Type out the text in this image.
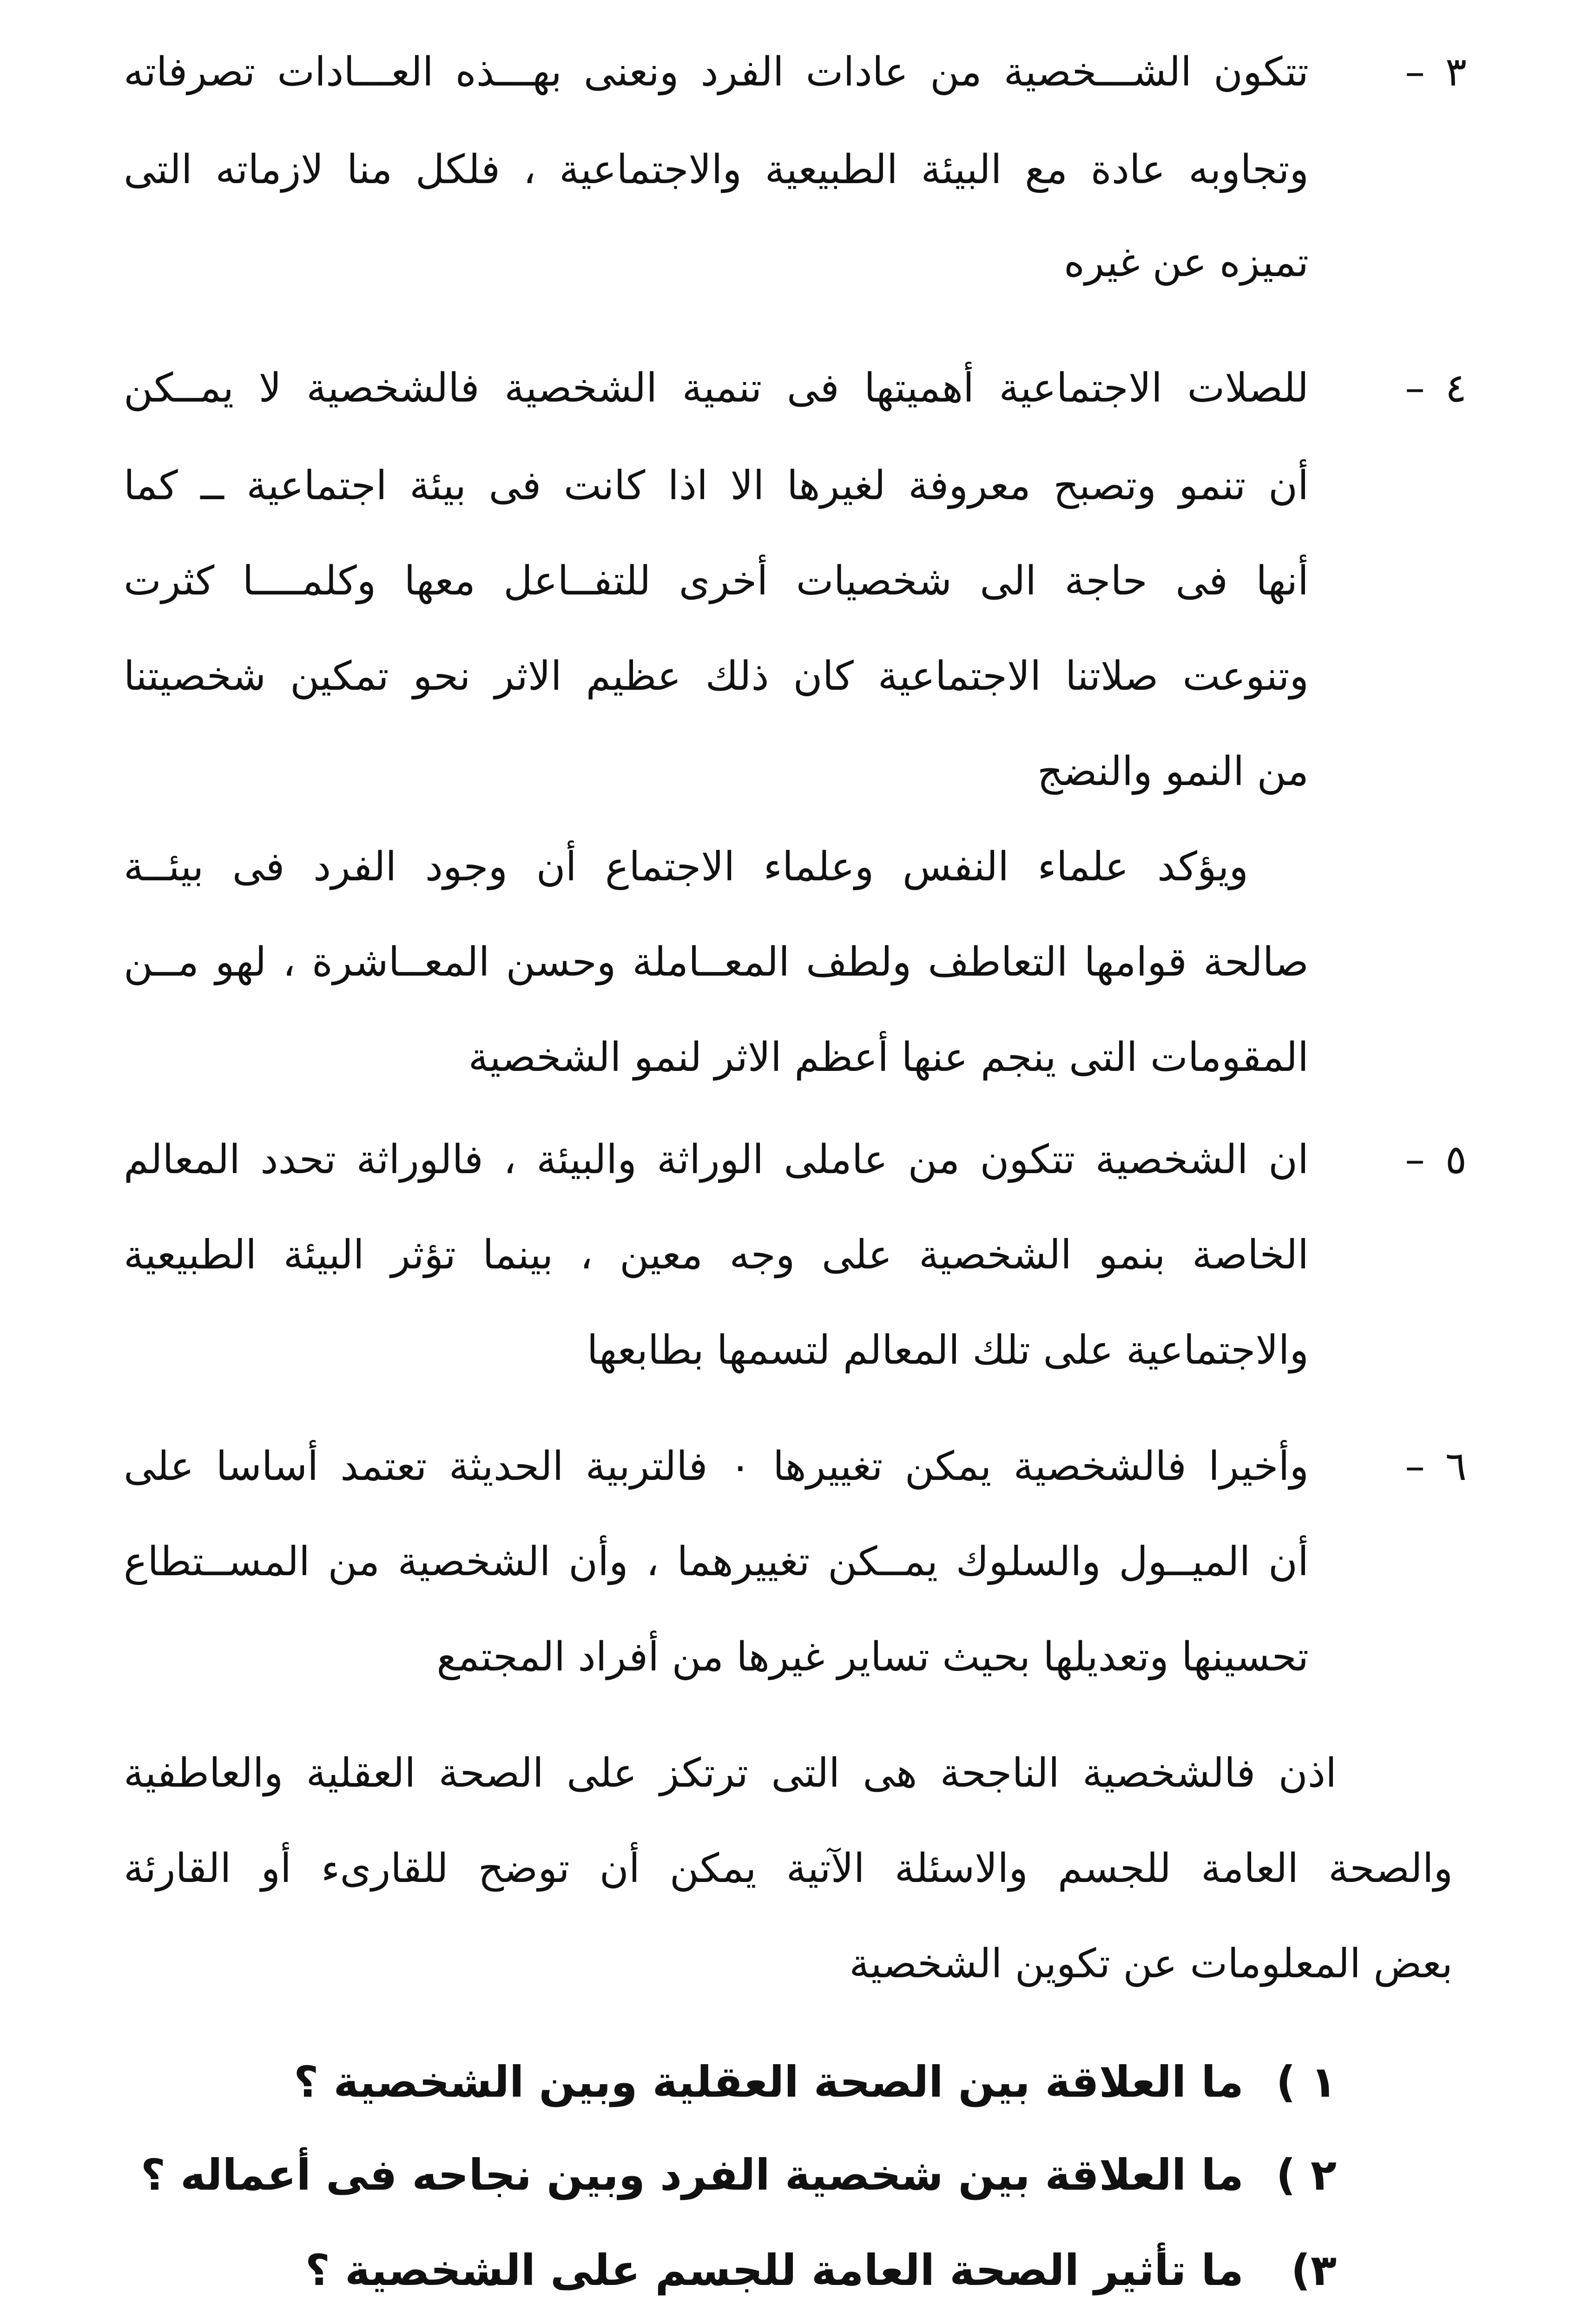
٣
–
تتكون الشـــخصية من عادات الفرد ونعنى بهـــذه العـــادات تصرفاته
وتجاوبه عادة مع البيئة الطبيعية والاجتماعية ، فلكل منا لازماته التى
تميزه عن غيره
٤
–
للصلات الاجتماعية أهميتها فى تنمية الشخصية فالشخصية لا يمــكن
أن تنمو وتصبح معروفة لغيرها الا اذا كانت فى بيئة اجتماعية ــ كما
أنها فى حاجة الى شخصيات أخرى للتفــاعل معها وكلمــــا كثرت
وتنوعت صلاتنا الاجتماعية كان ذلك عظيم الاثر نحو تمكين شخصيتنا
من النمو والنضج
ويؤكد علماء النفس وعلماء الاجتماع أن وجود الفرد فى بيئــة
صالحة قوامها التعاطف ولطف المعــاملة وحسن المعــاشرة ، لهو مــن
المقومات التى ينجم عنها أعظم الاثر لنمو الشخصية
٥
–
ان الشخصية تتكون من عاملى الوراثة والبيئة ، فالوراثة تحدد المعالم
الخاصة بنمو الشخصية على وجه معين ، بينما تؤثر البيئة الطبيعية
والاجتماعية على تلك المعالم لتسمها بطابعها
٦
–
وأخيرا فالشخصية يمكن تغييرها ٠ فالتربية الحديثة تعتمد أساسا على
أن الميــول والسلوك يمــكن تغييرهما ، وأن الشخصية من المســتطاع
تحسينها وتعديلها بحيث تساير غيرها من أفراد المجتمع
اذن فالشخصية الناجحة هى التى ترتكز على الصحة العقلية والعاطفية
والصحة العامة للجسم والاسئلة الآتية يمكن أن توضح للقارىء أو القارئة
بعض المعلومات عن تكوين الشخصية
١ )
ما العلاقة بين الصحة العقلية وبين الشخصية ؟
٢ )
ما العلاقة بين شخصية الفرد وبين نجاحه فى أعماله ؟
٣)
ما تأثير الصحة العامة للجسم على الشخصية ؟
